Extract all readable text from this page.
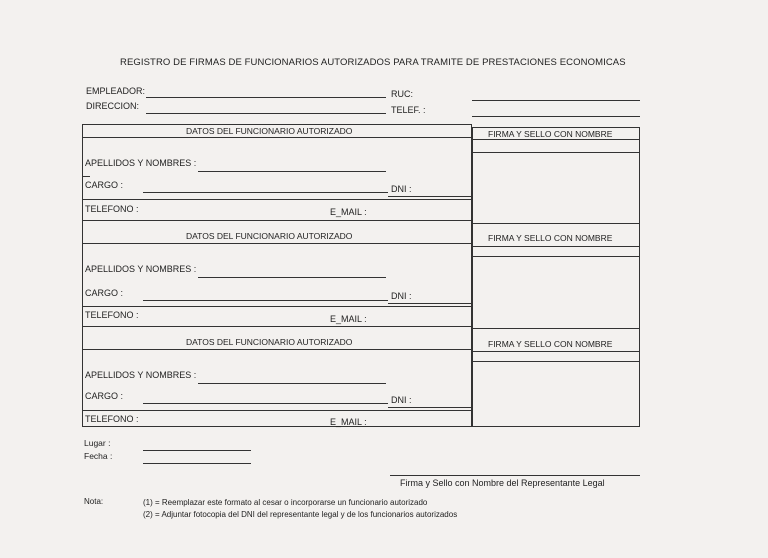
REGISTRO DE FIRMAS DE FUNCIONARIOS AUTORIZADOS PARA TRAMITE DE PRESTACIONES ECONOMICAS
EMPLEADOR:
DIRECCION:
RUC:
TELEF. :
DATOS DEL FUNCIONARIO AUTORIZADO	FIRMA Y SELLO CON NOMBRE
APELLIDOS Y NOMBRES :
CARGO :	DNI :
TELEFONO :	E_MAIL :
DATOS DEL FUNCIONARIO AUTORIZADO	FIRMA Y SELLO CON NOMBRE
APELLIDOS Y NOMBRES :
CARGO :	DNI :
TELEFONO :	E_MAIL :
DATOS DEL FUNCIONARIO AUTORIZADO	FIRMA Y SELLO CON NOMBRE
APELLIDOS Y NOMBRES :
CARGO :	DNI :
TELEFONO :	E_MAIL :
Lugar :
Fecha :
Firma y Sello con Nombre del Representante Legal
Nota:	(1) = Reemplazar este formato al cesar o incorporarse un funcionario autorizado
(2) = Adjuntar fotocopia del DNI del representante legal y de los funcionarios autorizados
